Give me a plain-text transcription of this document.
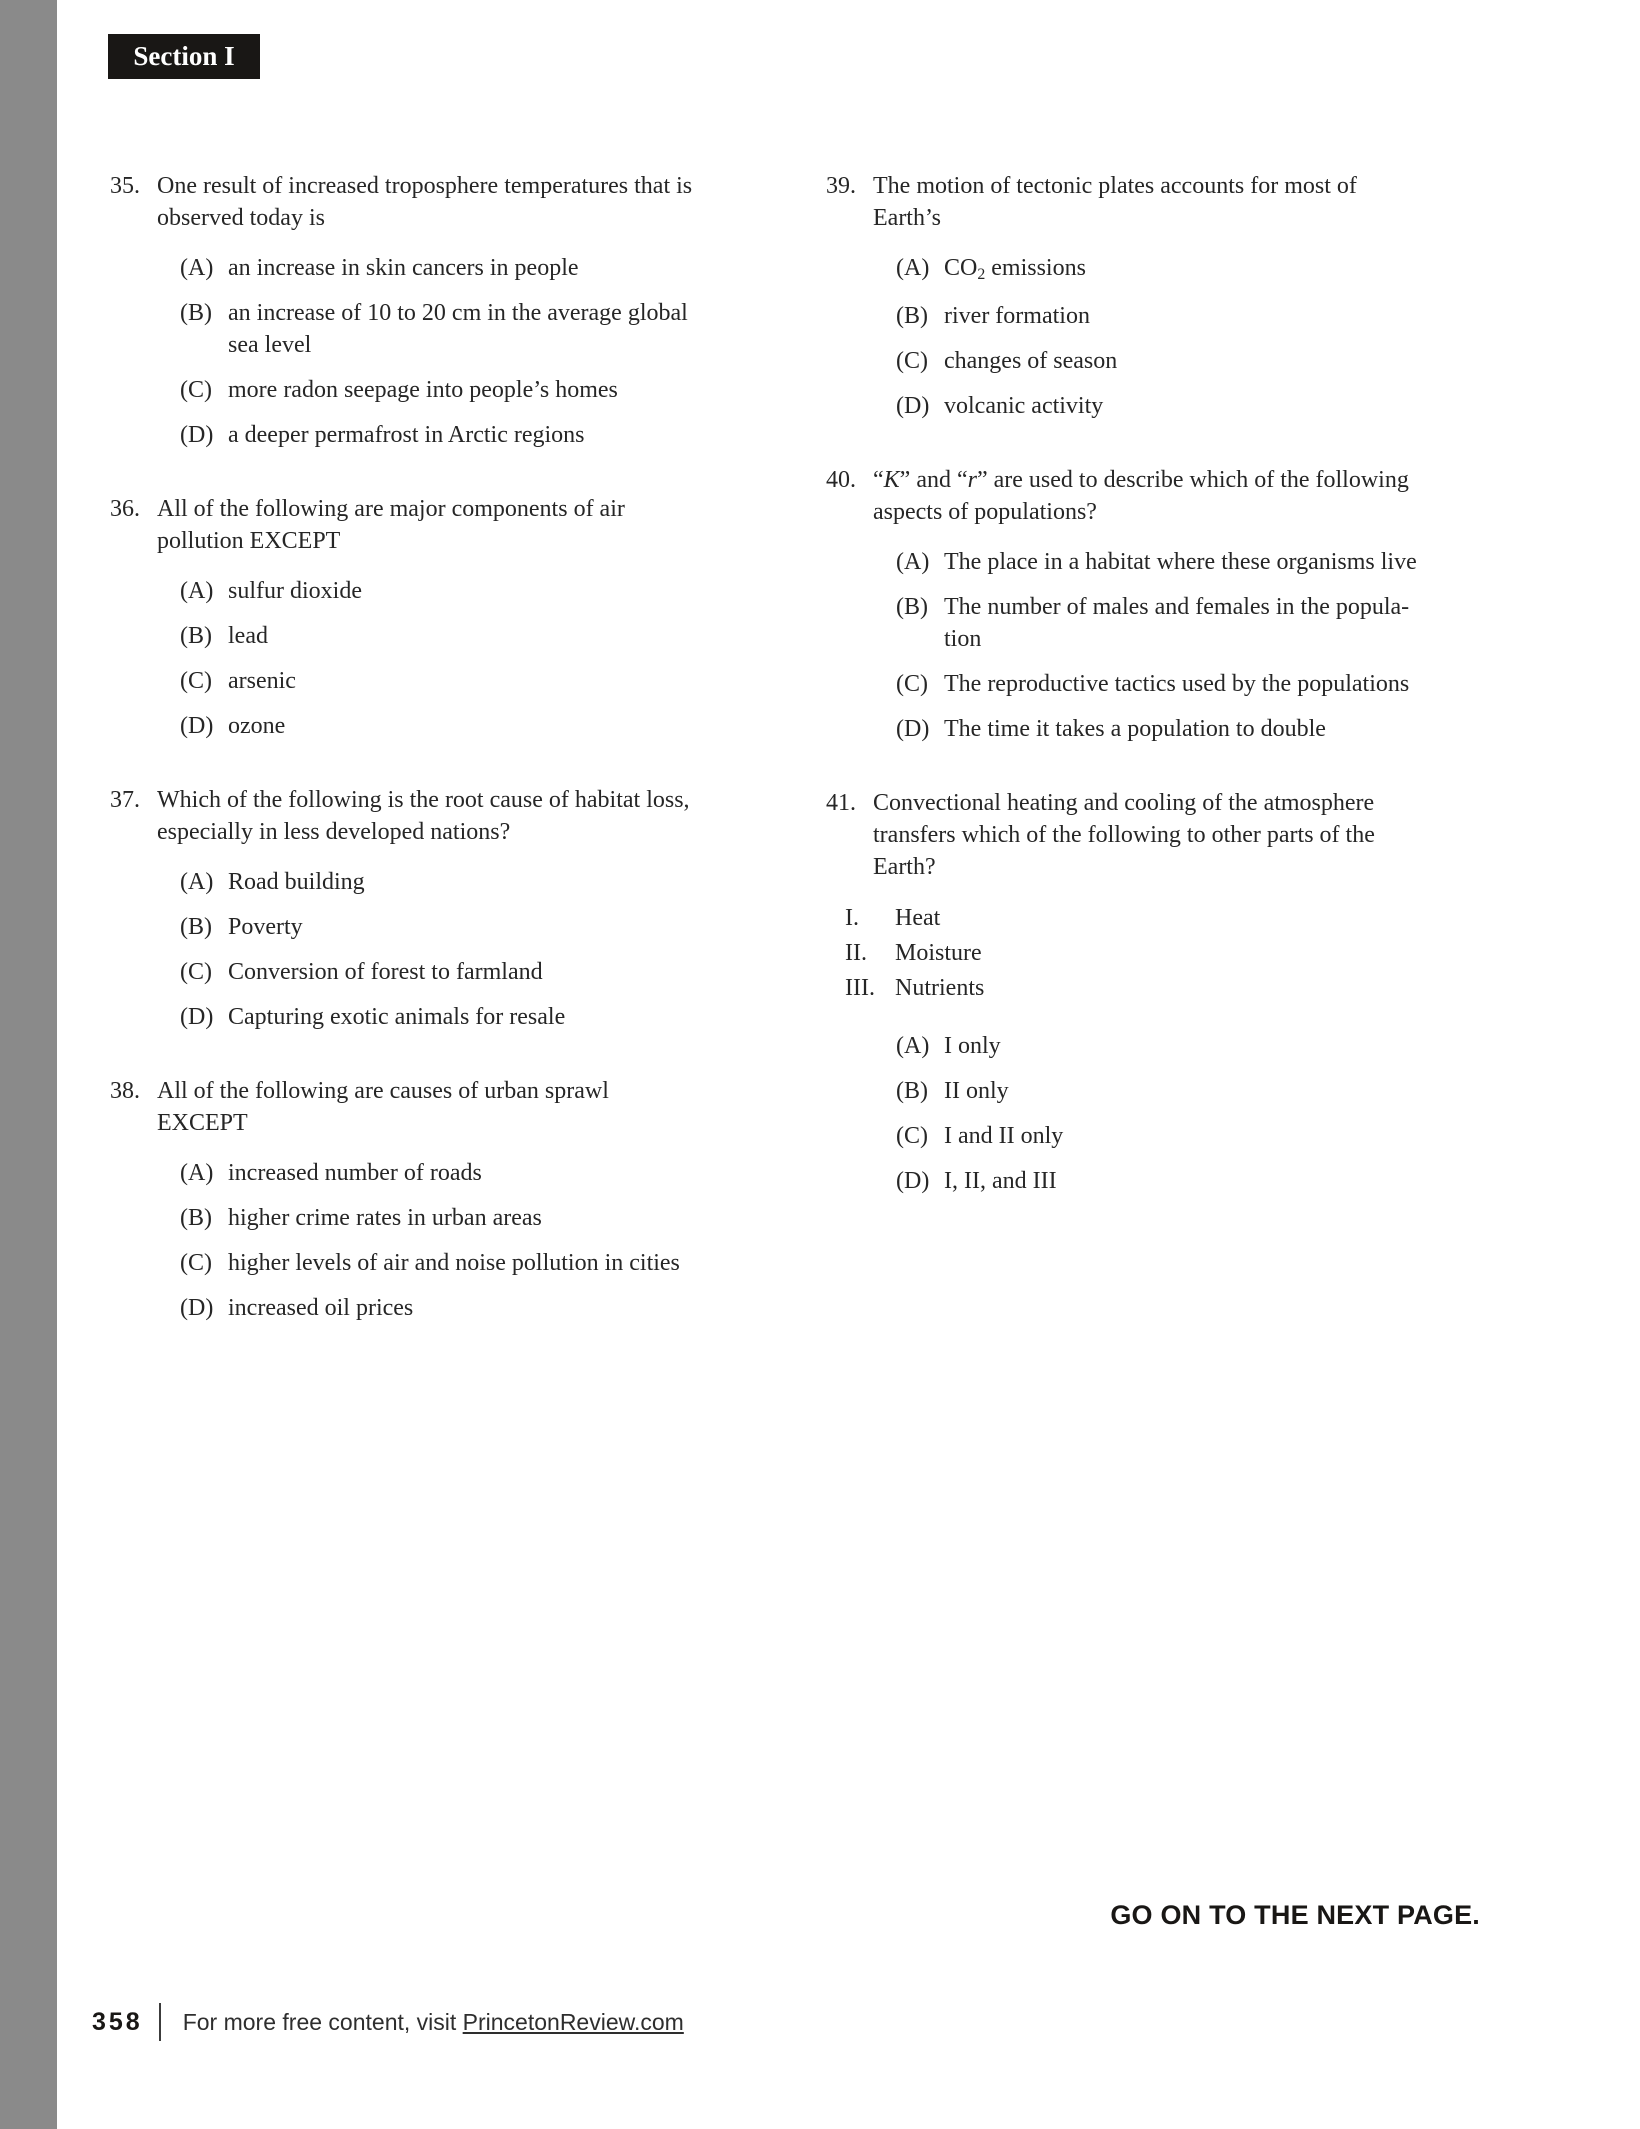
Section I
35. One result of increased troposphere temperatures that is
observed today is
(A) an increase in skin cancers in people
(B) an increase of 10 to 20 cm in the average global
sea level
(C) more radon seepage into people’s homes
(D) a deeper permafrost in Arctic regions
36. All of the following are major components of air
pollution EXCEPT
(A) sulfur dioxide
(B) lead
(C) arsenic
(D) ozone
37. Which of the following is the root cause of habitat loss,
especially in less developed nations?
(A) Road building
(B) Poverty
(C) Conversion of forest to farmland
(D) Capturing exotic animals for resale
38. All of the following are causes of urban sprawl
EXCEPT
(A) increased number of roads
(B) higher crime rates in urban areas
(C) higher levels of air and noise pollution in cities
(D) increased oil prices
39. The motion of tectonic plates accounts for most of
Earth’s
(A) CO2 emissions
(B) river formation
(C) changes of season
(D) volcanic activity
40. “K” and “r” are used to describe which of the following
aspects of populations?
(A) The place in a habitat where these organisms live
(B) The number of males and females in the popula-
tion
(C) The reproductive tactics used by the populations
(D) The time it takes a population to double
41. Convectional heating and cooling of the atmosphere
transfers which of the following to other parts of the
Earth?
I. Heat
II. Moisture
III. Nutrients
(A) I only
(B) II only
(C) I and II only
(D) I, II, and III
GO ON TO THE NEXT PAGE.
358 For more free content, visit PrincetonReview.com
